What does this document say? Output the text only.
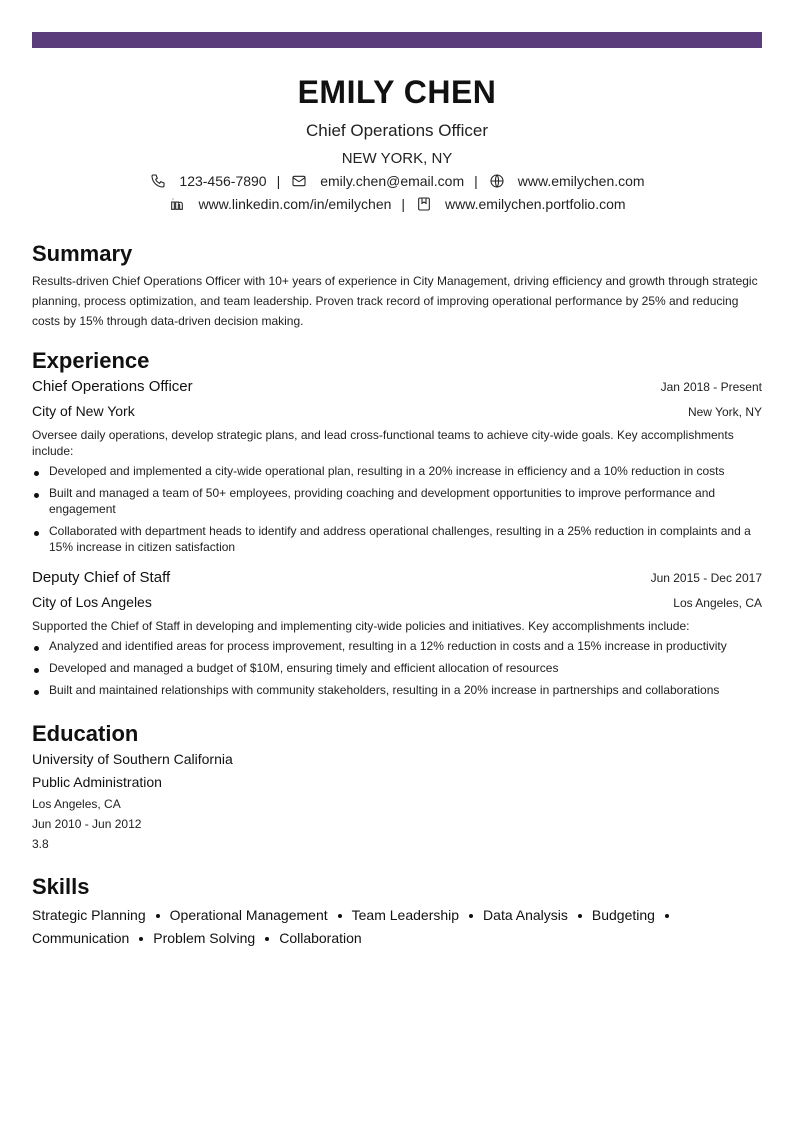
EMILY CHEN
Chief Operations Officer
NEW YORK, NY
123-456-7890 |	emily.chen@email.com |	www.emilychen.com
www.linkedin.com/in/emilychen |	www.emilychen.portfolio.com
Summary
Results-driven Chief Operations Officer with 10+ years of experience in City Management, driving efficiency and growth through strategic planning, process optimization, and team leadership. Proven track record of improving operational performance by 25% and reducing costs by 15% through data-driven decision making.
Experience
Chief Operations Officer	Jan 2018 - Present
City of New York	New York, NY
Oversee daily operations, develop strategic plans, and lead cross-functional teams to achieve city-wide goals. Key accomplishments include:
Developed and implemented a city-wide operational plan, resulting in a 20% increase in efficiency and a 10% reduction in costs
Built and managed a team of 50+ employees, providing coaching and development opportunities to improve performance and engagement
Collaborated with department heads to identify and address operational challenges, resulting in a 25% reduction in complaints and a 15% increase in citizen satisfaction
Deputy Chief of Staff	Jun 2015 - Dec 2017
City of Los Angeles	Los Angeles, CA
Supported the Chief of Staff in developing and implementing city-wide policies and initiatives. Key accomplishments include:
Analyzed and identified areas for process improvement, resulting in a 12% reduction in costs and a 15% increase in productivity
Developed and managed a budget of $10M, ensuring timely and efficient allocation of resources
Built and maintained relationships with community stakeholders, resulting in a 20% increase in partnerships and collaborations
Education
University of Southern California
Public Administration
Los Angeles, CA
Jun 2010 - Jun 2012
3.8
Skills
Strategic Planning Operational Management Team Leadership Data Analysis Budgeting
Communication Problem Solving Collaboration
